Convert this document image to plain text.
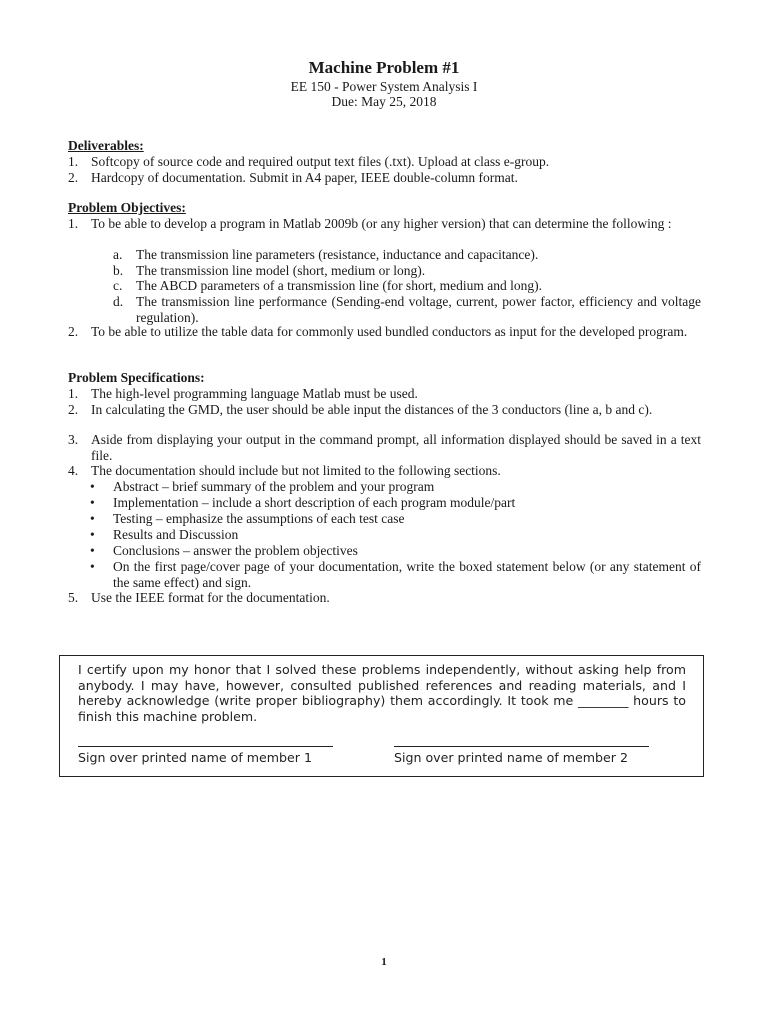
Machine Problem #1
EE 150 - Power System Analysis I
Due: May 25, 2018
Deliverables:
1. Softcopy of source code and required output text files (.txt). Upload at class e-group.
2. Hardcopy of documentation. Submit in A4 paper, IEEE double-column format.
Problem Objectives:
1. To be able to develop a program in Matlab 2009b (or any higher version) that can determine the following :
a. The transmission line parameters (resistance, inductance and capacitance).
b. The transmission line model (short, medium or long).
c. The ABCD parameters of a transmission line (for short, medium and long).
d. The transmission line performance (Sending-end voltage, current, power factor, efficiency and voltage regulation).
2. To be able to utilize the table data for commonly used bundled conductors as input for the developed program.
Problem Specifications:
1. The high-level programming language Matlab must be used.
2. In calculating the GMD, the user should be able input the distances of the 3 conductors (line a, b and c).
3. Aside from displaying your output in the command prompt, all information displayed should be saved in a text file.
4. The documentation should include but not limited to the following sections.
• Abstract – brief summary of the problem and your program
• Implementation – include a short description of each program module/part
• Testing – emphasize the assumptions of each test case
• Results and Discussion
• Conclusions – answer the problem objectives
• On the first page/cover page of your documentation, write the boxed statement below (or any statement of the same effect) and sign.
5. Use the IEEE format for the documentation.
I certify upon my honor that I solved these problems independently, without asking help from anybody. I may have, however, consulted published references and reading materials, and I hereby acknowledge (write proper bibliography) them accordingly. It took me ________ hours to finish this machine problem.
Sign over printed name of member 1	Sign over printed name of member 2
1
